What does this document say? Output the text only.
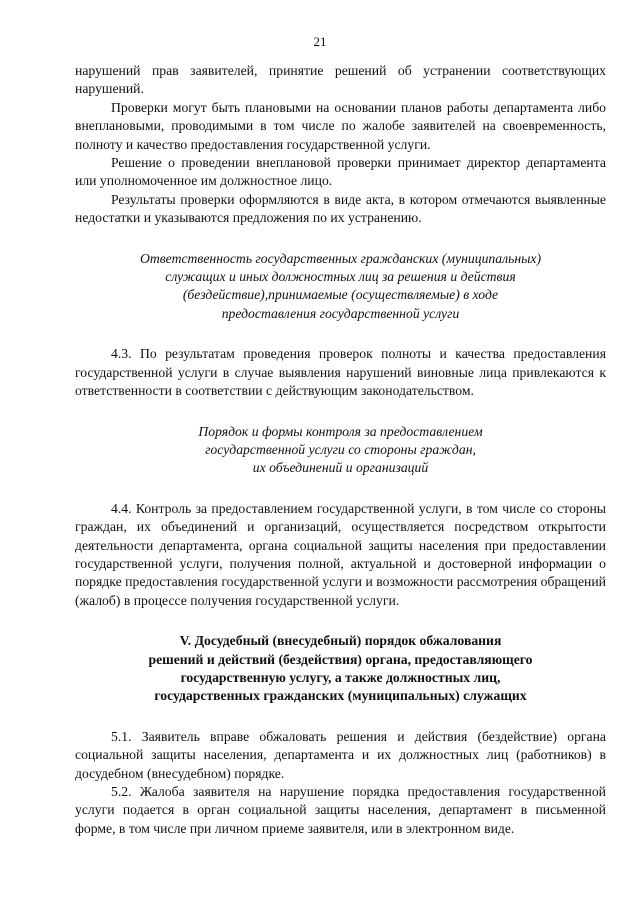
21

нарушений прав заявителей, принятие решений об устранении соответствующих нарушений.

Проверки могут быть плановыми на основании планов работы департамента либо внеплановыми, проводимыми в том числе по жалобе заявителей на своевременность, полноту и качество предоставления государственной услуги.

Решение о проведении внеплановой проверки принимает директор департамента или уполномоченное им должностное лицо.

Результаты проверки оформляются в виде акта, в котором отмечаются выявленные недостатки и указываются предложения по их устранению.

Ответственность государственных гражданских (муниципальных)
служащих и иных должностных лиц за решения и действия
(бездействие),принимаемые (осуществляемые) в ходе
предоставления государственной услуги

4.3. По результатам проведения проверок полноты и качества предоставления государственной услуги в случае выявления нарушений виновные лица привлекаются к ответственности в соответствии с действующим законодательством.

Порядок и формы контроля за предоставлением
государственной услуги со стороны граждан,
их объединений и организаций

4.4. Контроль за предоставлением государственной услуги, в том числе со стороны граждан, их объединений и организаций, осуществляется посредством открытости деятельности департамента, органа социальной защиты населения при предоставлении государственной услуги, получения полной, актуальной и достоверной информации о порядке предоставления государственной услуги и возможности рассмотрения обращений (жалоб) в процессе получения государственной услуги.

V. Досудебный (внесудебный) порядок обжалования
решений и действий (бездействия) органа, предоставляющего
государственную услугу, а также должностных лиц,
государственных гражданских (муниципальных) служащих

5.1. Заявитель вправе обжаловать решения и действия (бездействие) органа социальной защиты населения, департамента и их должностных лиц (работников) в досудебном (внесудебном) порядке.

5.2. Жалоба заявителя на нарушение порядка предоставления государственной услуги подается в орган социальной защиты населения, департамент в письменной форме, в том числе при личном приеме заявителя, или в электронном виде.
